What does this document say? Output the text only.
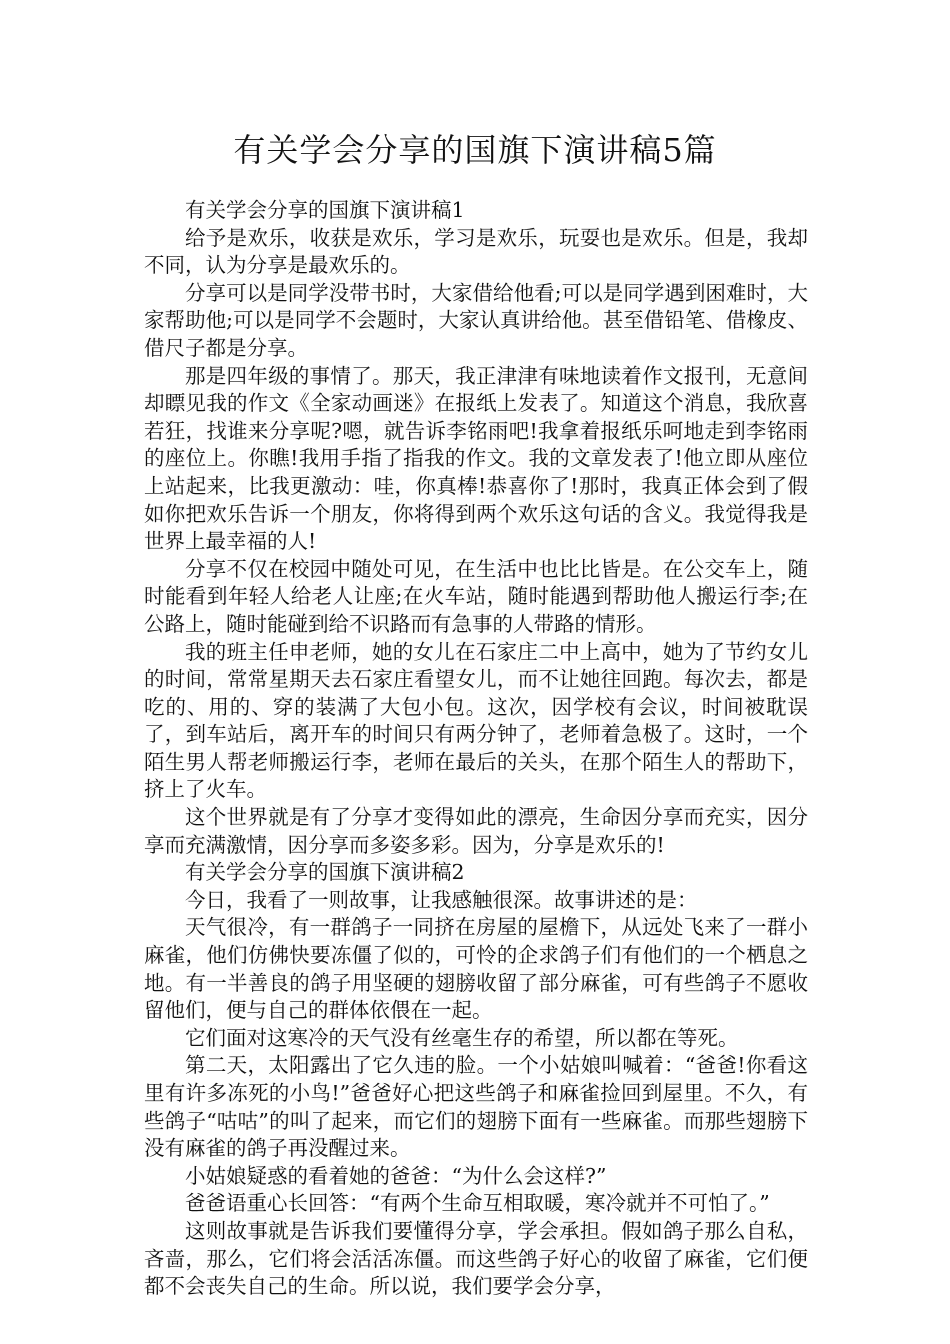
有关学会分享的国旗下演讲稿5篇

有关学会分享的国旗下演讲稿1

给予是欢乐，收获是欢乐，学习是欢乐，玩耍也是欢乐。但是，我却不同，认为分享是最欢乐的。

分享可以是同学没带书时，大家借给他看;可以是同学遇到困难时，大家帮助他;可以是同学不会题时，大家认真讲给他。甚至借铅笔、借橡皮、借尺子都是分享。

那是四年级的事情了。那天，我正津津有味地读着作文报刊，无意间却瞟见我的作文《全家动画迷》在报纸上发表了。知道这个消息，我欣喜若狂，找谁来分享呢?嗯，就告诉李铭雨吧!我拿着报纸乐呵地走到李铭雨的座位上。你瞧!我用手指了指我的作文。我的文章发表了!他立即从座位上站起来，比我更激动：哇，你真棒!恭喜你了!那时，我真正体会到了假如你把欢乐告诉一个朋友，你将得到两个欢乐这句话的含义。我觉得我是世界上最幸福的人!

分享不仅在校园中随处可见，在生活中也比比皆是。在公交车上，随时能看到年轻人给老人让座;在火车站，随时能遇到帮助他人搬运行李;在公路上，随时能碰到给不识路而有急事的人带路的情形。

我的班主任申老师，她的女儿在石家庄二中上高中，她为了节约女儿的时间，常常星期天去石家庄看望女儿，而不让她往回跑。每次去，都是吃的、用的、穿的装满了大包小包。这次，因学校有会议，时间被耽误了，到车站后，离开车的时间只有两分钟了，老师着急极了。这时，一个陌生男人帮老师搬运行李，老师在最后的关头，在那个陌生人的帮助下，挤上了火车。

这个世界就是有了分享才变得如此的漂亮，生命因分享而充实，因分享而充满激情，因分享而多姿多彩。因为，分享是欢乐的!

有关学会分享的国旗下演讲稿2

今日，我看了一则故事，让我感触很深。故事讲述的是：

天气很冷，有一群鸽子一同挤在房屋的屋檐下，从远处飞来了一群小麻雀，他们仿佛快要冻僵了似的，可怜的企求鸽子们有他们的一个栖息之地。有一半善良的鸽子用坚硬的翅膀收留了部分麻雀，可有些鸽子不愿收留他们，便与自己的群体依偎在一起。

它们面对这寒冷的天气没有丝毫生存的希望，所以都在等死。

第二天，太阳露出了它久违的脸。一个小姑娘叫喊着：“爸爸!你看这里有许多冻死的小鸟!”爸爸好心把这些鸽子和麻雀捡回到屋里。不久，有些鸽子“咕咕”的叫了起来，而它们的翅膀下面有一些麻雀。而那些翅膀下没有麻雀的鸽子再没醒过来。

小姑娘疑惑的看着她的爸爸：“为什么会这样?”

爸爸语重心长回答：“有两个生命互相取暖，寒冷就并不可怕了。”

这则故事就是告诉我们要懂得分享，学会承担。假如鸽子那么自私，吝啬，那么，它们将会活活冻僵。而这些鸽子好心的收留了麻雀，它们便都不会丧失自己的生命。所以说，我们要学会分享，
